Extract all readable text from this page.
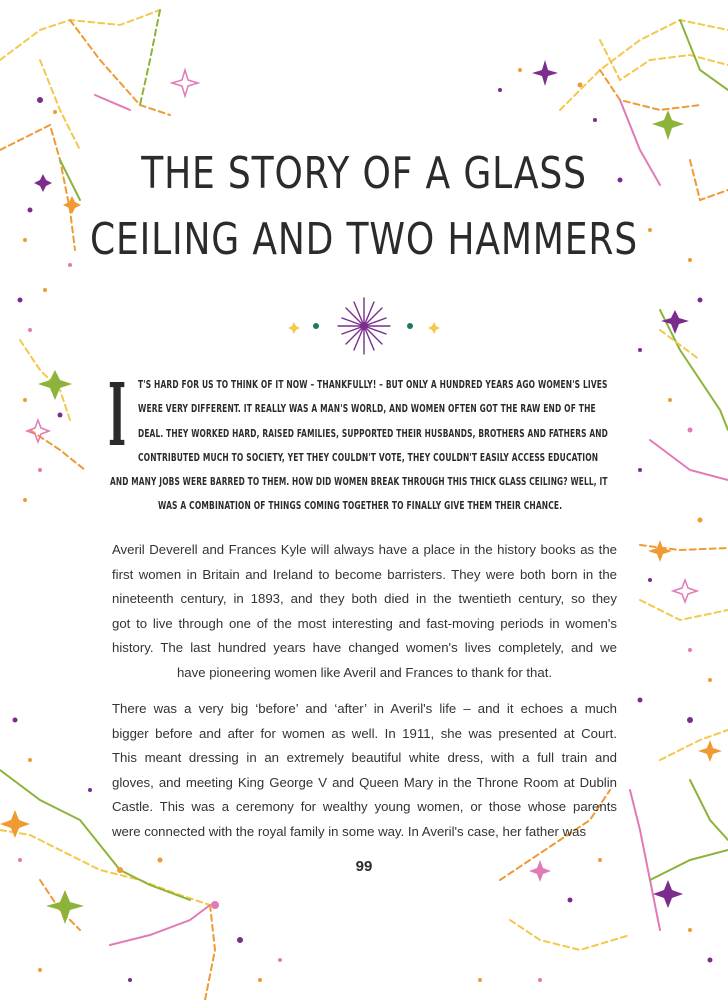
THE STORY OF A GLASS
CEILING AND TWO HAMMERS
I T'S HARD FOR US TO THINK OF IT NOW – THANKFULLY! – BUT ONLY A HUNDRED YEARS AGO WOMEN'S LIVES
WERE VERY DIFFERENT. IT REALLY WAS A MAN'S WORLD, AND WOMEN OFTEN GOT THE RAW END OF THE
DEAL. THEY WORKED HARD, RAISED FAMILIES, SUPPORTED THEIR HUSBANDS, BROTHERS AND FATHERS AND
CONTRIBUTED MUCH TO SOCIETY, YET THEY COULDN'T VOTE, THEY COULDN'T EASILY ACCESS EDUCATION
AND MANY JOBS WERE BARRED TO THEM. HOW DID WOMEN BREAK THROUGH THIS THICK GLASS CEILING? WELL, IT
WAS A COMBINATION OF THINGS COMING TOGETHER TO FINALLY GIVE THEM THEIR CHANCE.
Averil Deverell and Frances Kyle will always have a place in the history books as the
first women in Britain and Ireland to become barristers. They were both born in the
nineteenth century, in 1893, and they both died in the twentieth century, so they
got to live through one of the most interesting and fast-moving periods in women's
history. The last hundred years have changed women's lives completely, and we
have pioneering women like Averil and Frances to thank for that.
There was a very big ‘before’ and ‘after’ in Averil's life – and it echoes a much
bigger before and after for women as well. In 1911, she was presented at Court.
This meant dressing in an extremely beautiful white dress, with a full train and
gloves, and meeting King George V and Queen Mary in the Throne Room at Dublin
Castle. This was a ceremony for wealthy young women, or those whose parents
were connected with the royal family in some way. In Averil's case, her father was
99
